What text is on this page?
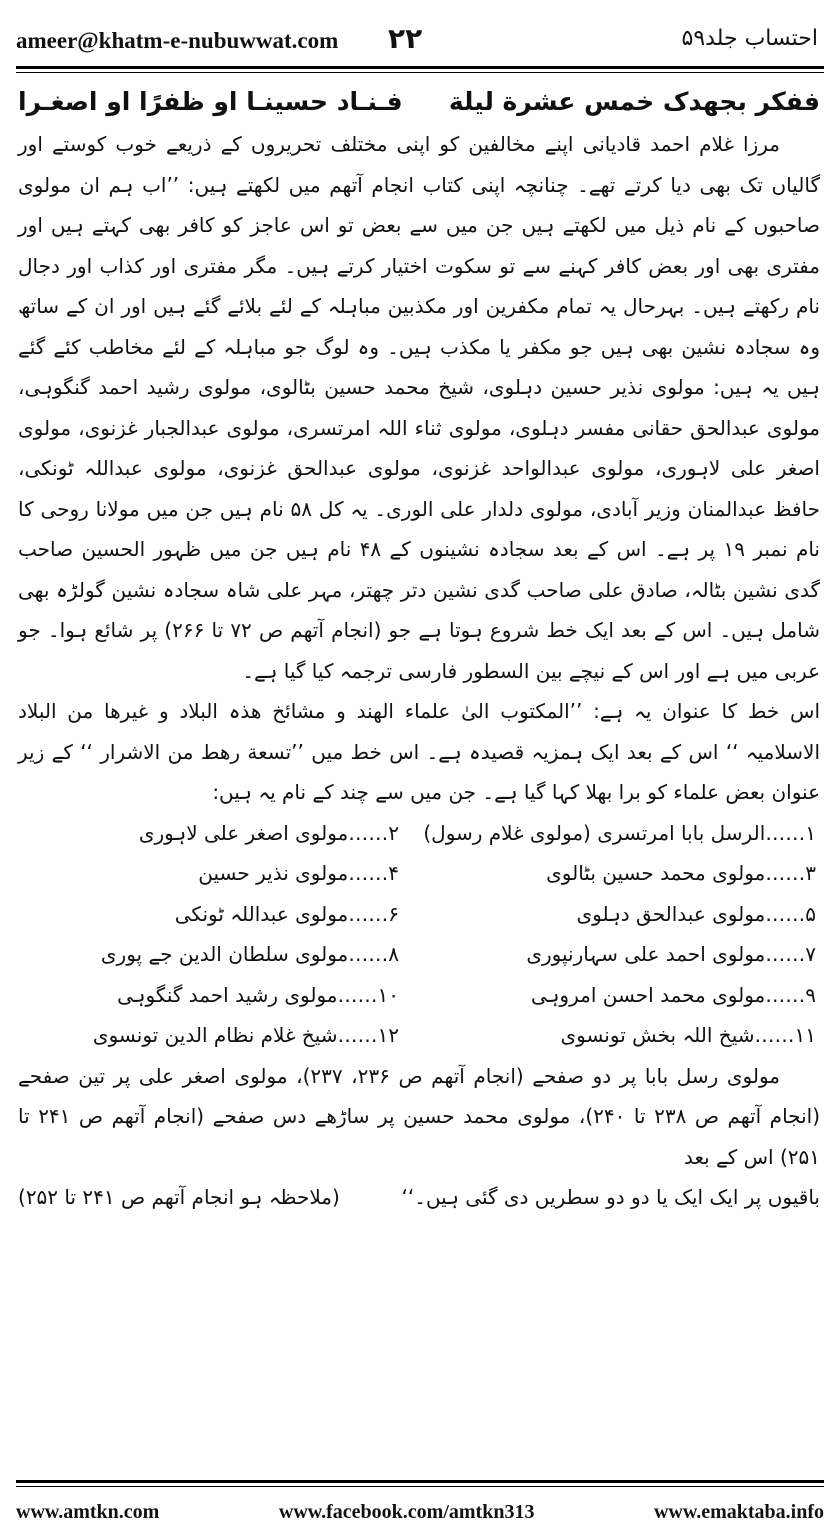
ameer@khatm-e-nubuwwat.com ۲۲	احتساب جلد۵۹
ففكر بجهدک خمس عشرة ليلة
فـنـاد حسينـا او ظفرًا او اصغـرا

مرزا غلام احمد قادیانی اپنے مخالفین کو اپنی مختلف تحریروں کے ذریعے خوب کوستے اور گالیاں تک بھی دیا کرتے تھے۔ چنانچہ اپنی کتاب انجام آتھم میں لکھتے ہیں: ’’اب ہم ان مولوی صاحبوں کے نام ذیل میں لکھتے ہیں جن میں سے بعض تو اس عاجز کو کافر بھی کہتے ہیں اور مفتری بھی اور بعض کافر کہنے سے تو سکوت اختیار کرتے ہیں۔ مگر مفتری اور کذاب اور دجال نام رکھتے ہیں۔ بہرحال یہ تمام مکفرین اور مکذبین مباہلہ کے لئے بلائے گئے ہیں اور ان کے ساتھ وہ سجادہ نشین بھی ہیں جو مکفر یا مکذب ہیں۔ وہ لوگ جو مباہلہ کے لئے مخاطب کئے گئے ہیں یہ ہیں: مولوی نذیر حسین دہلوی، شیخ محمد حسین بٹالوی، مولوی رشید احمد گنگوہی، مولوی عبدالحق حقانی مفسر دہلوی، مولوی ثناء اللہ امرتسری، مولوی عبدالجبار غزنوی، مولوی اصغر علی لاہوری، مولوی عبدالواحد غزنوی، مولوی عبدالحق غزنوی، مولوی عبداللہ ٹونکی، حافظ عبدالمنان وزیر آبادی، مولوی دلدار علی الوری۔ یہ کل ۵۸ نام ہیں جن میں مولانا روحی کا نام نمبر ۱۹ پر ہے۔ اس کے بعد سجادہ نشینوں کے ۴۸ نام ہیں جن میں ظہور الحسین صاحب گدی نشین بٹالہ، صادق علی صاحب گدی نشین دتر چھتر، مہر علی شاہ سجادہ نشین گولڑہ بھی شامل ہیں۔ اس کے بعد ایک خط شروع ہوتا ہے جو (انجام آتھم ص ۷۲ تا ۲۶۶) پر شائع ہوا۔ جو عربی میں ہے اور اس کے نیچے بین السطور فارسی ترجمہ کیا گیا ہے۔

اس خط کا عنوان یہ ہے: ’’المکتوب الیٰ علماء الھند و مشائخ ھذہ البلاد و غیرھا من البلاد الاسلامیہ ‘‘ اس کے بعد ایک ہمزیہ قصیدہ ہے۔ اس خط میں ’’تسعة رھط من الاشرار ‘‘ کے زیر عنوان بعض علماء کو برا بھلا کہا گیا ہے۔ جن میں سے چند کے نام یہ ہیں:

۱……الرسل بابا امرتسری (مولوی غلام رسول)
۲……مولوی اصغر علی لاہوری
۳……مولوی محمد حسین بٹالوی
۴……مولوی نذیر حسین
۵……مولوی عبدالحق دہلوی
۶……مولوی عبداللہ ٹونکی
۷……مولوی احمد علی سہارنپوری
۸……مولوی سلطان الدین جے پوری
۹……مولوی محمد احسن امروہی
۱۰……مولوی رشید احمد گنگوہی
۱۱……شیخ اللہ بخش تونسوی
۱۲……شیخ غلام نظام الدین تونسوی
مولوی رسل بابا پر دو صفحے (انجام آتھم ص ۲۳۶، ۲۳۷)، مولوی اصغر علی پر تین صفحے (انجام آتھم ص ۲۳۸ تا ۲۴۰)، مولوی محمد حسین پر ساڑھے دس صفحے (انجام آتھم ص ۲۴۱ تا ۲۵۱) اس کے بعد
باقیوں پر ایک ایک یا دو دو سطریں دی گئی ہیں۔‘‘
(ملاحظہ ہو انجام آتھم ص ۲۴۱ تا ۲۵۲)
www.amtkn.com	www.facebook.com/amtkn313	www.emaktaba.info
